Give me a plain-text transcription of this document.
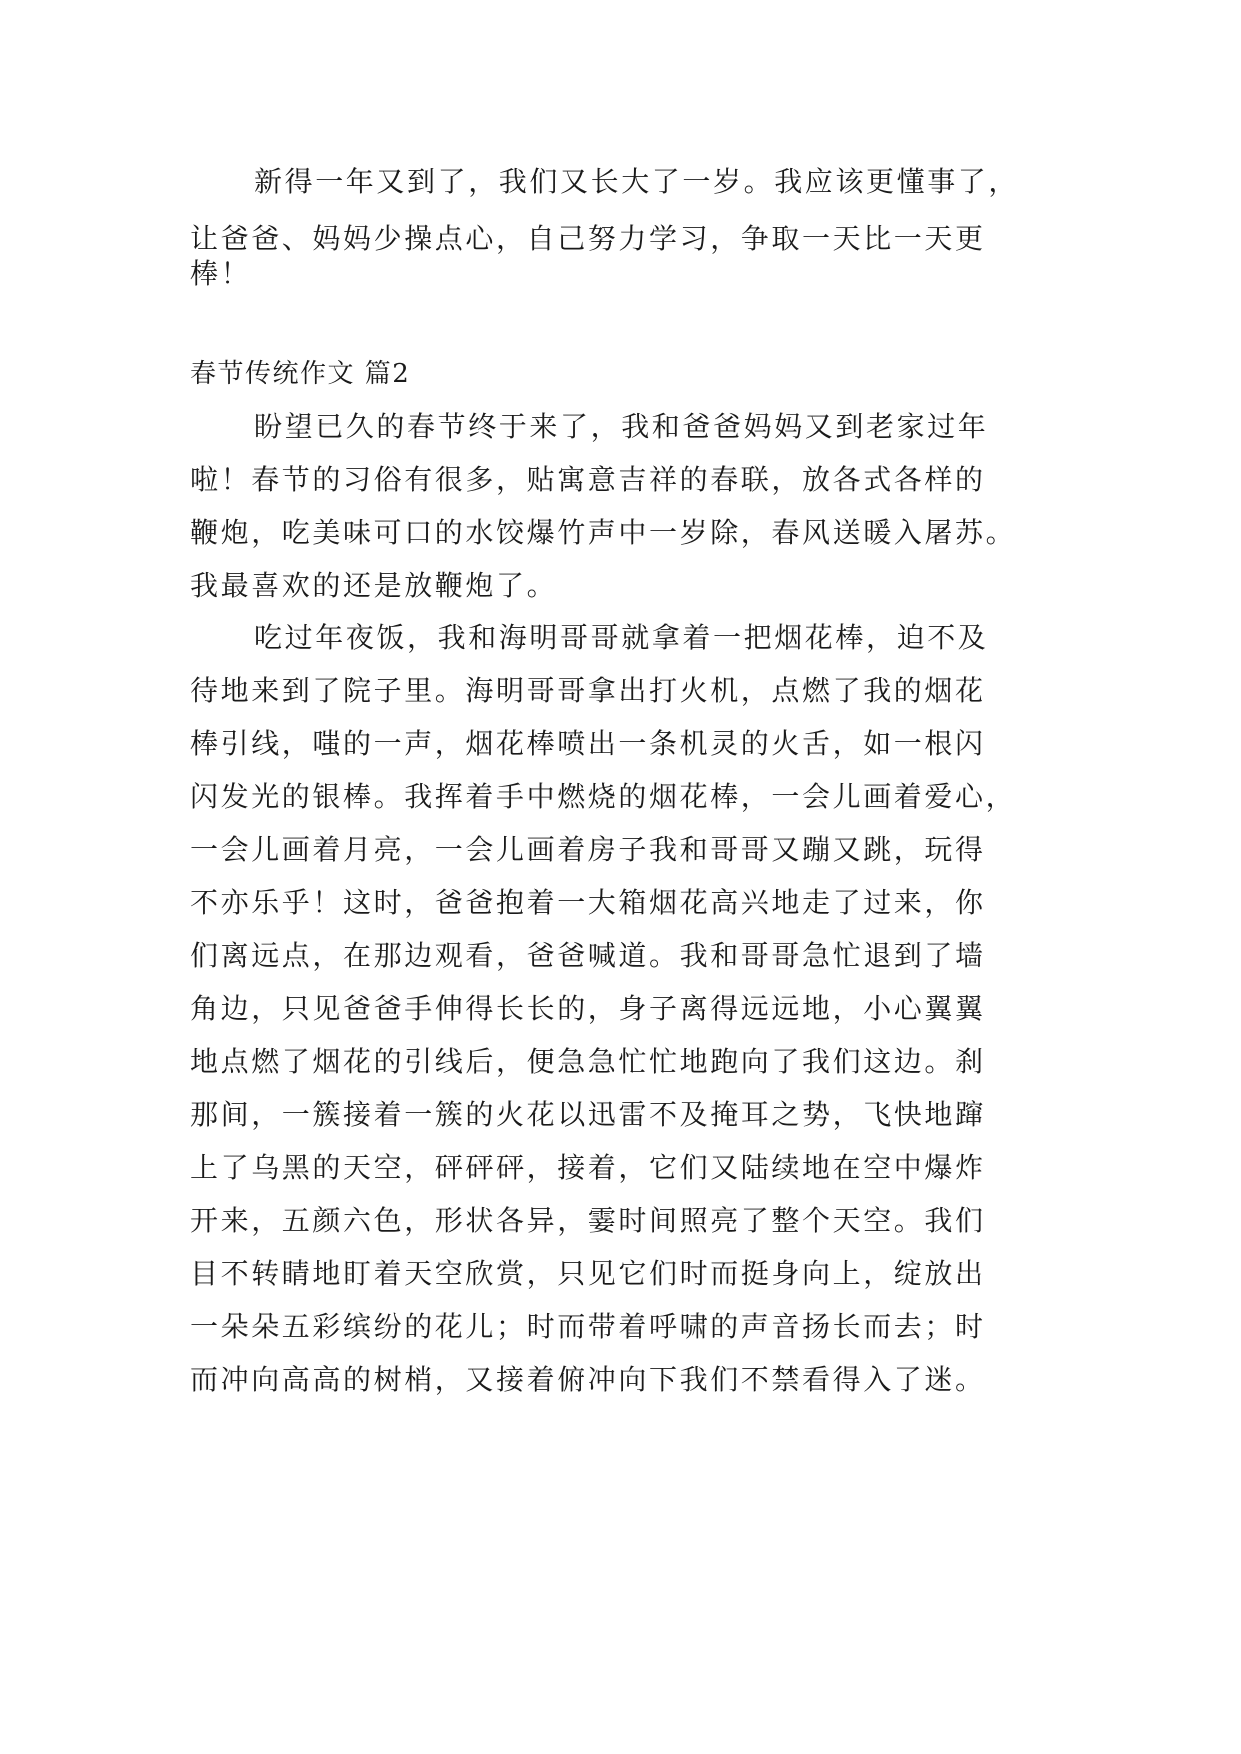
新得一年又到了，我们又长大了一岁。我应该更懂事了，
让爸爸、妈妈少操点心，自己努力学习，争取一天比一天更
棒！
春节传统作文 篇2
盼望已久的春节终于来了，我和爸爸妈妈又到老家过年
啦！春节的习俗有很多，贴寓意吉祥的春联，放各式各样的
鞭炮，吃美味可口的水饺爆竹声中一岁除，春风送暖入屠苏。
我最喜欢的还是放鞭炮了。
吃过年夜饭，我和海明哥哥就拿着一把烟花棒，迫不及
待地来到了院子里。海明哥哥拿出打火机，点燃了我的烟花
棒引线，嗤的一声，烟花棒喷出一条机灵的火舌，如一根闪
闪发光的银棒。我挥着手中燃烧的烟花棒，一会儿画着爱心，
一会儿画着月亮，一会儿画着房子我和哥哥又蹦又跳，玩得
不亦乐乎！这时，爸爸抱着一大箱烟花高兴地走了过来，你
们离远点，在那边观看，爸爸喊道。我和哥哥急忙退到了墙
角边，只见爸爸手伸得长长的，身子离得远远地，小心翼翼
地点燃了烟花的引线后，便急急忙忙地跑向了我们这边。刹
那间，一簇接着一簇的火花以迅雷不及掩耳之势，飞快地蹿
上了乌黑的天空，砰砰砰，接着，它们又陆续地在空中爆炸
开来，五颜六色，形状各异，霎时间照亮了整个天空。我们
目不转睛地盯着天空欣赏，只见它们时而挺身向上，绽放出
一朵朵五彩缤纷的花儿；时而带着呼啸的声音扬长而去；时
而冲向高高的树梢，又接着俯冲向下我们不禁看得入了迷。
